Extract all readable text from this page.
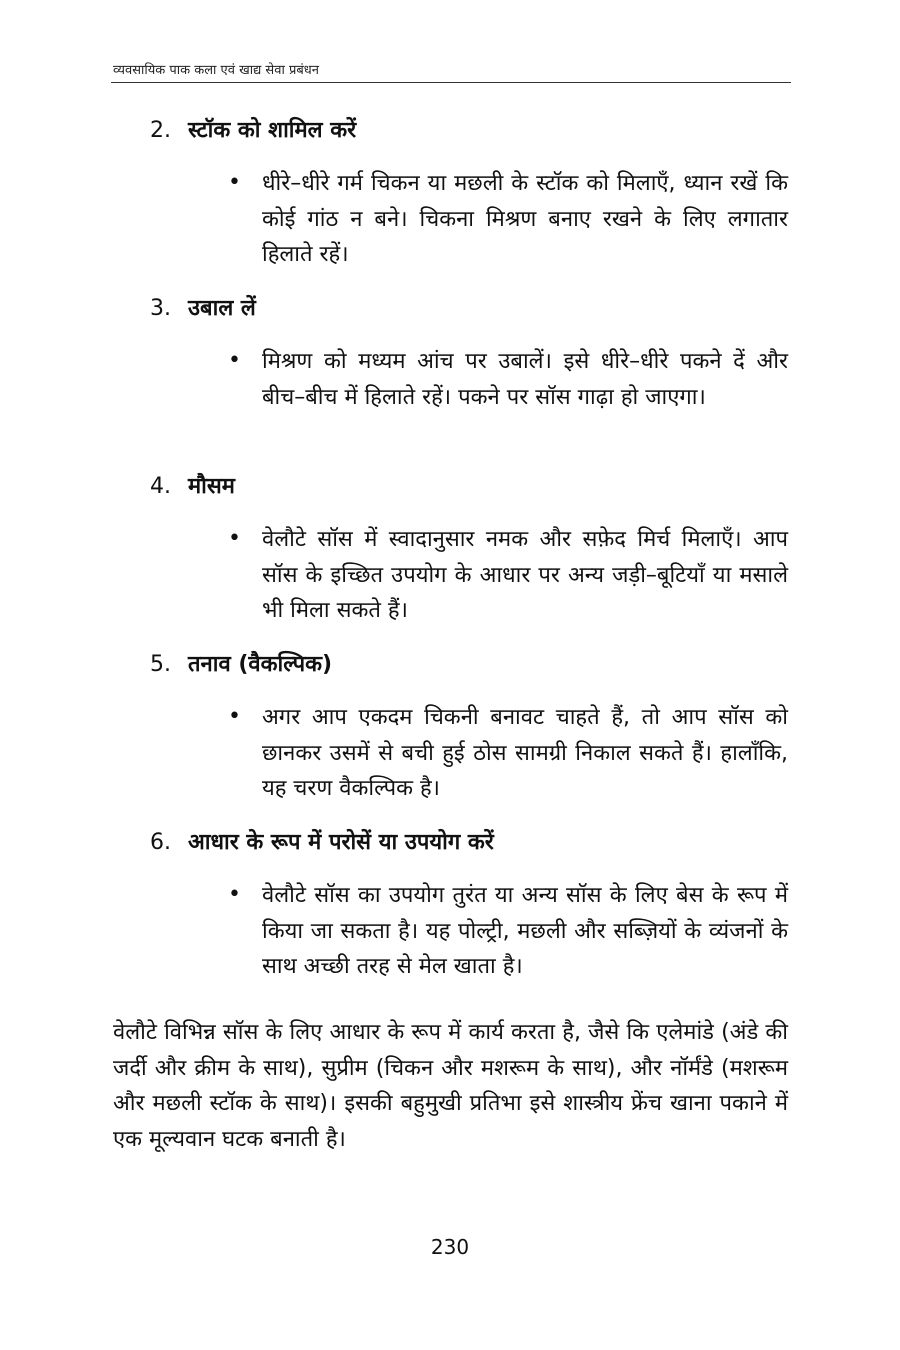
व्यवसायिक पाक कला एवं खाद्य सेवा प्रबंधन
2. स्टॉक को शामिल करें
• धीरे–धीरे गर्म चिकन या मछली के स्टॉक को मिलाएँ, ध्यान रखें कि कोई गांठ न बने। चिकना मिश्रण बनाए रखने के लिए लगातार हिलाते रहें।
3. उबाल लें
• मिश्रण को मध्यम आंच पर उबालें। इसे धीरे–धीरे पकने दें और बीच–बीच में हिलाते रहें। पकने पर सॉस गाढ़ा हो जाएगा।
4. मौसम
• वेलौटे सॉस में स्वादानुसार नमक और सफ़ेद मिर्च मिलाएँ। आप सॉस के इच्छित उपयोग के आधार पर अन्य जड़ी–बूटियाँ या मसाले भी मिला सकते हैं।
5. तनाव (वैकल्पिक)
• अगर आप एकदम चिकनी बनावट चाहते हैं, तो आप सॉस को छानकर उसमें से बची हुई ठोस सामग्री निकाल सकते हैं। हालाँकि, यह चरण वैकल्पिक है।
6. आधार के रूप में परोसें या उपयोग करें
• वेलौटे सॉस का उपयोग तुरंत या अन्य सॉस के लिए बेस के रूप में किया जा सकता है। यह पोल्ट्री, मछली और सब्ज़ियों के व्यंजनों के साथ अच्छी तरह से मेल खाता है।
वेलौटे विभिन्न सॉस के लिए आधार के रूप में कार्य करता है, जैसे कि एलेमांडे (अंडे की जर्दी और क्रीम के साथ), सुप्रीम (चिकन और मशरूम के साथ), और नॉर्मंडे (मशरूम और मछली स्टॉक के साथ)। इसकी बहुमुखी प्रतिभा इसे शास्त्रीय फ्रेंच खाना पकाने में एक मूल्यवान घटक बनाती है।
230
